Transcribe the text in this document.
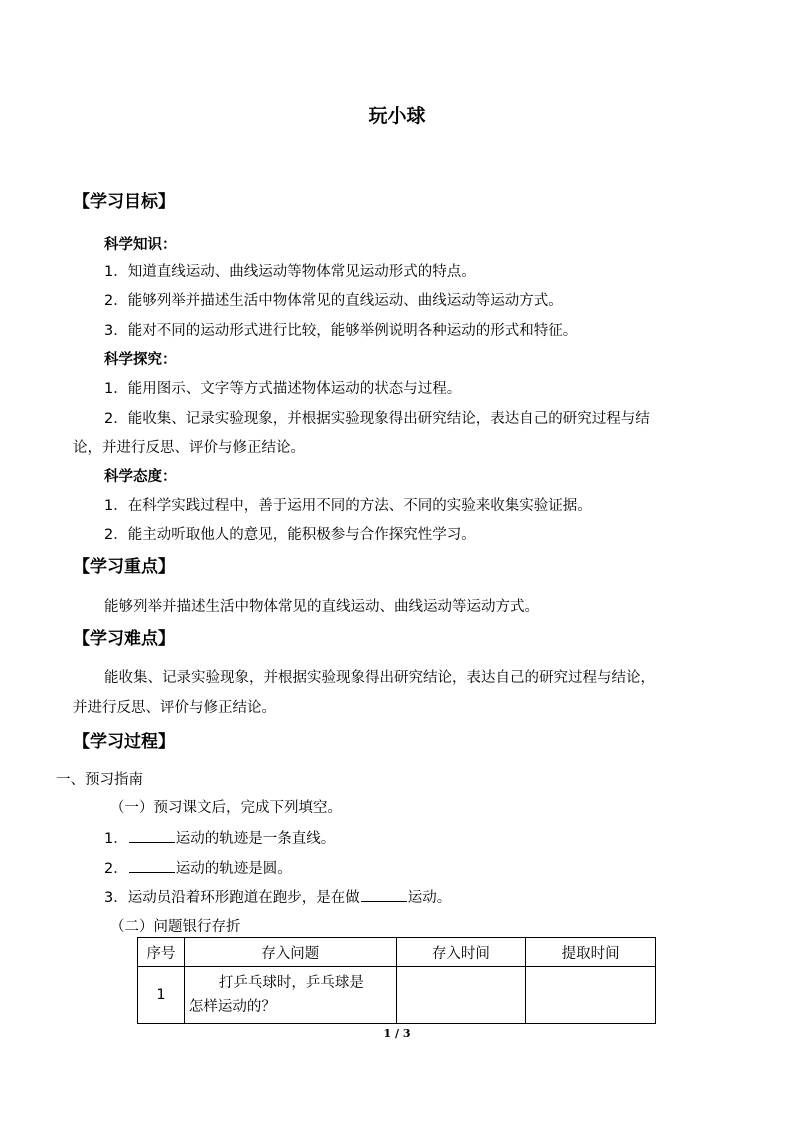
玩小球
【学习目标】
科学知识：
1．知道直线运动、曲线运动等物体常见运动形式的特点。
2．能够列举并描述生活中物体常见的直线运动、曲线运动等运动方式。
3．能对不同的运动形式进行比较，能够举例说明各种运动的形式和特征。
科学探究：
1．能用图示、文字等方式描述物体运动的状态与过程。
2．能收集、记录实验现象，并根据实验现象得出研究结论，表达自己的研究过程与结
论，并进行反思、评价与修正结论。
科学态度：
1．在科学实践过程中，善于运用不同的方法、不同的实验来收集实验证据。
2．能主动听取他人的意见，能积极参与合作探究性学习。
【学习重点】
能够列举并描述生活中物体常见的直线运动、曲线运动等运动方式。
【学习难点】
能收集、记录实验现象，并根据实验现象得出研究结论，表达自己的研究过程与结论，
并进行反思、评价与修正结论。
【学习过程】
一、预习指南
（一）预习课文后，完成下列填空。
1．	运动的轨迹是一条直线。
2．	运动的轨迹是圆。
3．运动员沿着环形跑道在跑步，是在做	运动。
（二）问题银行存折
序号	存入问题	存入时间	提取时间
1	打乒乓球时，乒乓球是
怎样运动的？		

1 / 3
